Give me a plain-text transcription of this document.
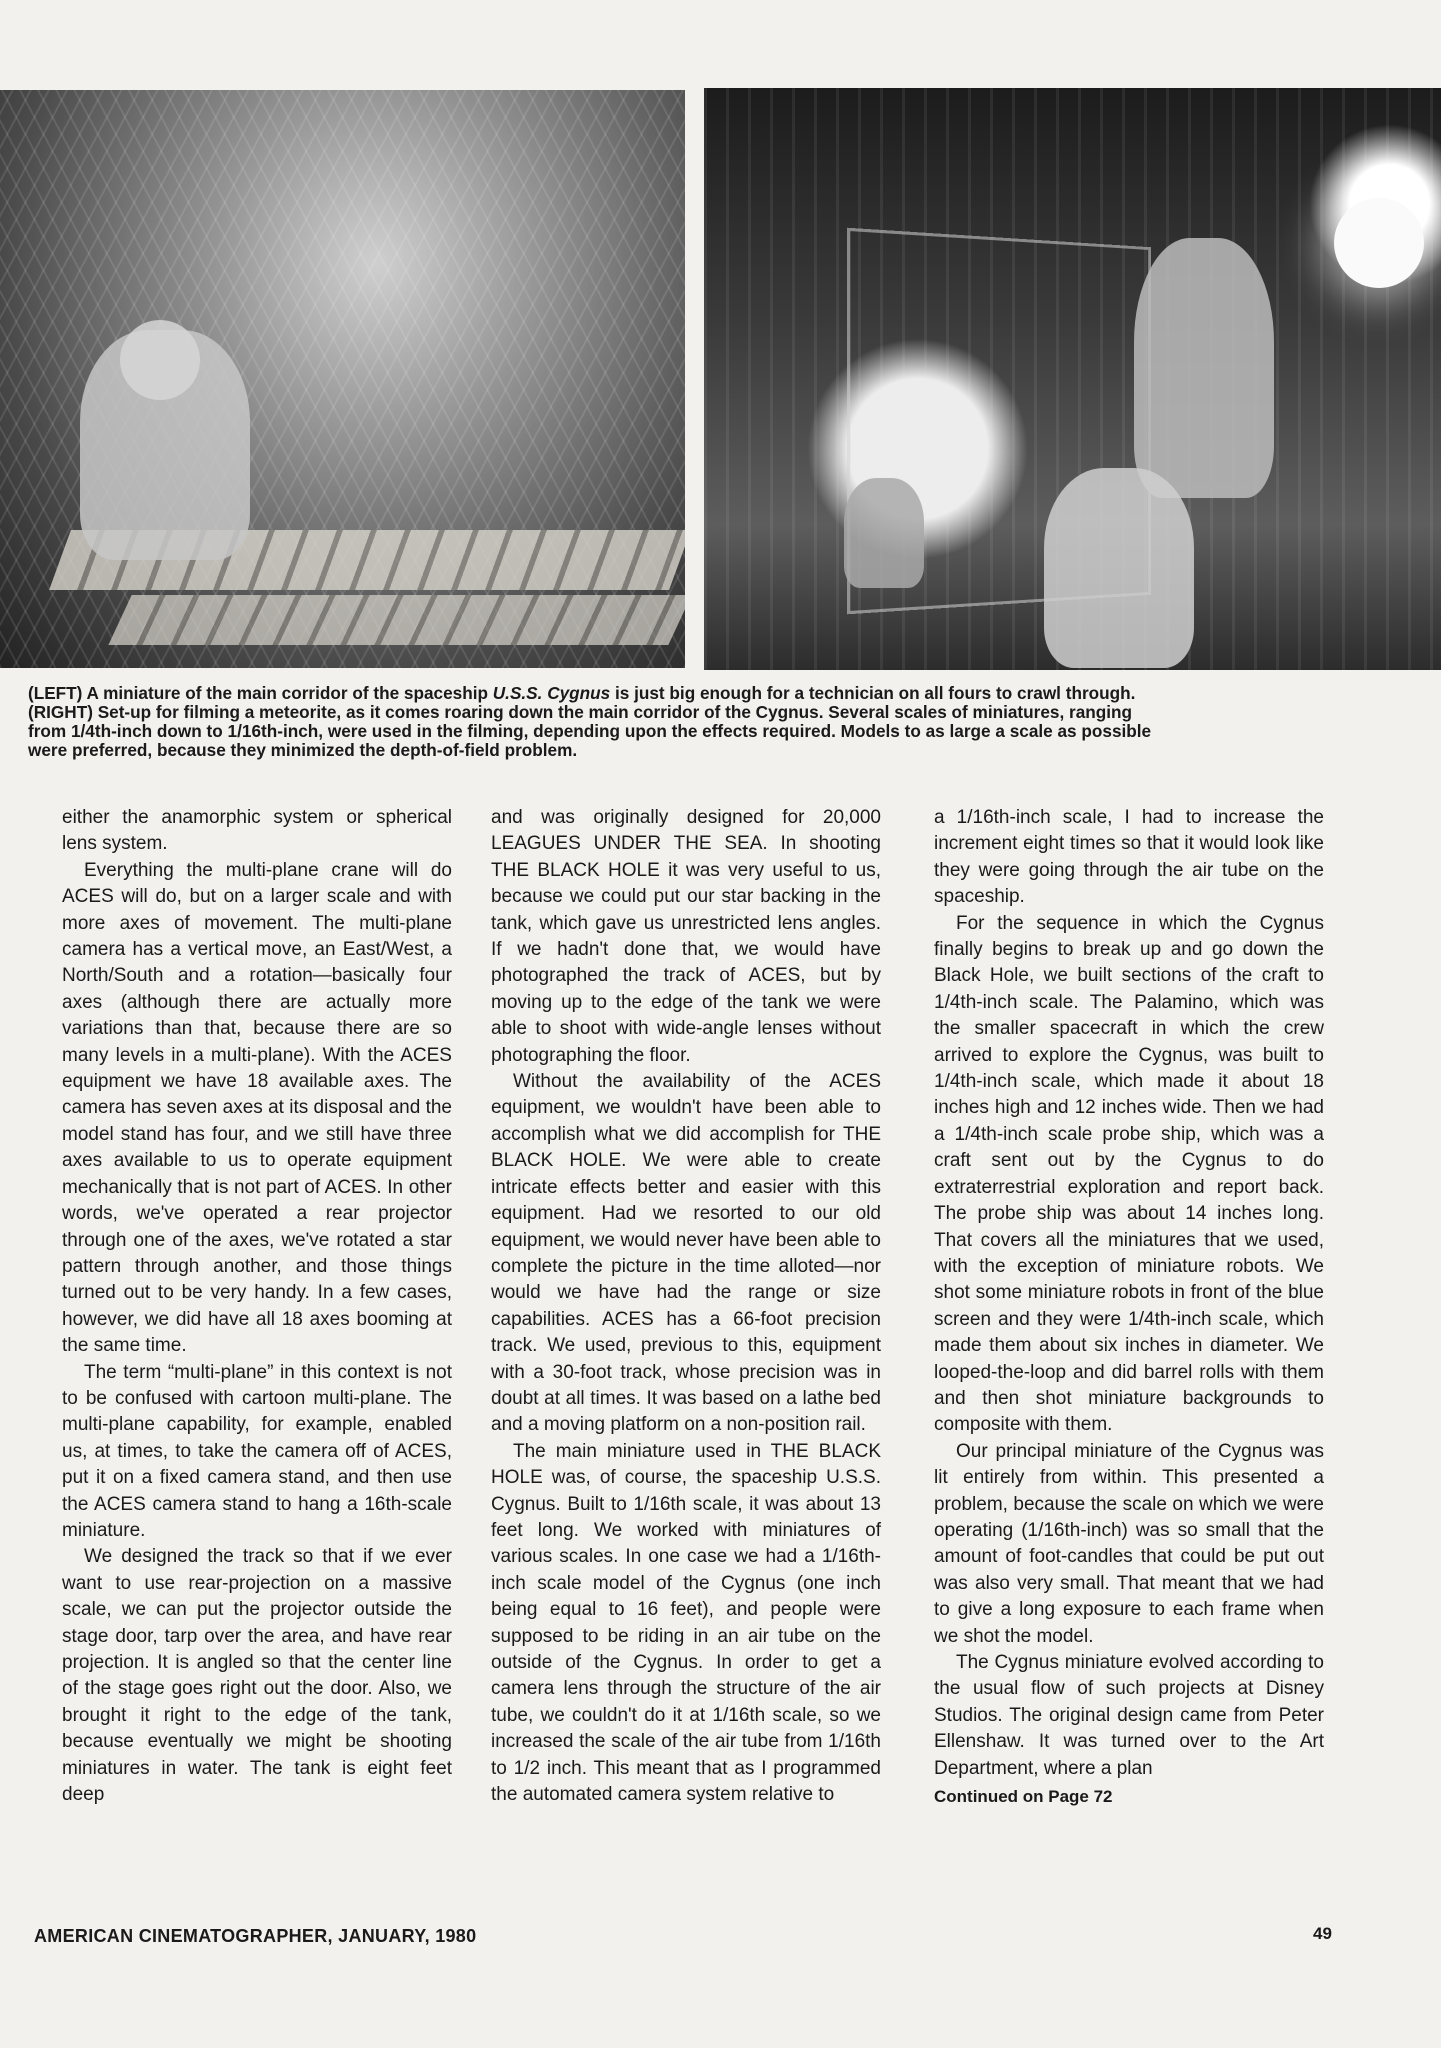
(LEFT) A miniature of the main corridor of the spaceship U.S.S. Cygnus is just big enough for a technician on all fours to crawl through.
(RIGHT) Set-up for filming a meteorite, as it comes roaring down the main corridor of the Cygnus. Several scales of miniatures, ranging
from 1/4th-inch down to 1/16th-inch, were used in the filming, depending upon the effects required. Models to as large a scale as possible
were preferred, because they minimized the depth-of-field problem.

either the anamorphic system or spherical lens system.

Everything the multi-plane crane will do ACES will do, but on a larger scale and with more axes of movement. The multi-plane camera has a vertical move, an East/West, a North/South and a rotation—basically four axes (although there are actually more variations than that, because there are so many levels in a multi-plane). With the ACES equipment we have 18 available axes. The camera has seven axes at its disposal and the model stand has four, and we still have three axes available to us to operate equipment mechanically that is not part of ACES. In other words, we've operated a rear projector through one of the axes, we've rotated a star pattern through another, and those things turned out to be very handy. In a few cases, however, we did have all 18 axes booming at the same time.

The term “multi-plane” in this context is not to be confused with cartoon multi-plane. The multi-plane capability, for example, enabled us, at times, to take the camera off of ACES, put it on a fixed camera stand, and then use the ACES camera stand to hang a 16th-scale miniature.

We designed the track so that if we ever want to use rear-projection on a massive scale, we can put the projector outside the stage door, tarp over the area, and have rear projection. It is angled so that the center line of the stage goes right out the door. Also, we brought it right to the edge of the tank, because eventually we might be shooting miniatures in water. The tank is eight feet deep

and was originally designed for 20,000 LEAGUES UNDER THE SEA. In shooting THE BLACK HOLE it was very useful to us, because we could put our star backing in the tank, which gave us unrestricted lens angles. If we hadn't done that, we would have photographed the track of ACES, but by moving up to the edge of the tank we were able to shoot with wide-angle lenses without photographing the floor.

Without the availability of the ACES equipment, we wouldn't have been able to accomplish what we did accomplish for THE BLACK HOLE. We were able to create intricate effects better and easier with this equipment. Had we resorted to our old equipment, we would never have been able to complete the picture in the time alloted—nor would we have had the range or size capabilities. ACES has a 66-foot precision track. We used, previous to this, equipment with a 30-foot track, whose precision was in doubt at all times. It was based on a lathe bed and a moving platform on a non-position rail.

The main miniature used in THE BLACK HOLE was, of course, the spaceship U.S.S. Cygnus. Built to 1/16th scale, it was about 13 feet long. We worked with miniatures of various scales. In one case we had a 1/16th-inch scale model of the Cygnus (one inch being equal to 16 feet), and people were supposed to be riding in an air tube on the outside of the Cygnus. In order to get a camera lens through the structure of the air tube, we couldn't do it at 1/16th scale, so we increased the scale of the air tube from 1/16th to 1/2 inch. This meant that as I programmed the automated camera system relative to

a 1/16th-inch scale, I had to increase the increment eight times so that it would look like they were going through the air tube on the spaceship.

For the sequence in which the Cygnus finally begins to break up and go down the Black Hole, we built sections of the craft to 1/4th-inch scale. The Palamino, which was the smaller spacecraft in which the crew arrived to explore the Cygnus, was built to 1/4th-inch scale, which made it about 18 inches high and 12 inches wide. Then we had a 1/4th-inch scale probe ship, which was a craft sent out by the Cygnus to do extraterrestrial exploration and report back. The probe ship was about 14 inches long. That covers all the miniatures that we used, with the exception of miniature robots. We shot some miniature robots in front of the blue screen and they were 1/4th-inch scale, which made them about six inches in diameter. We looped-the-loop and did barrel rolls with them and then shot miniature backgrounds to composite with them.

Our principal miniature of the Cygnus was lit entirely from within. This presented a problem, because the scale on which we were operating (1/16th-inch) was so small that the amount of foot-candles that could be put out was also very small. That meant that we had to give a long exposure to each frame when we shot the model.

The Cygnus miniature evolved according to the usual flow of such projects at Disney Studios. The original design came from Peter Ellenshaw. It was turned over to the Art Department, where a plan

Continued on Page 72

AMERICAN CINEMATOGRAPHER, JANUARY, 1980	49
